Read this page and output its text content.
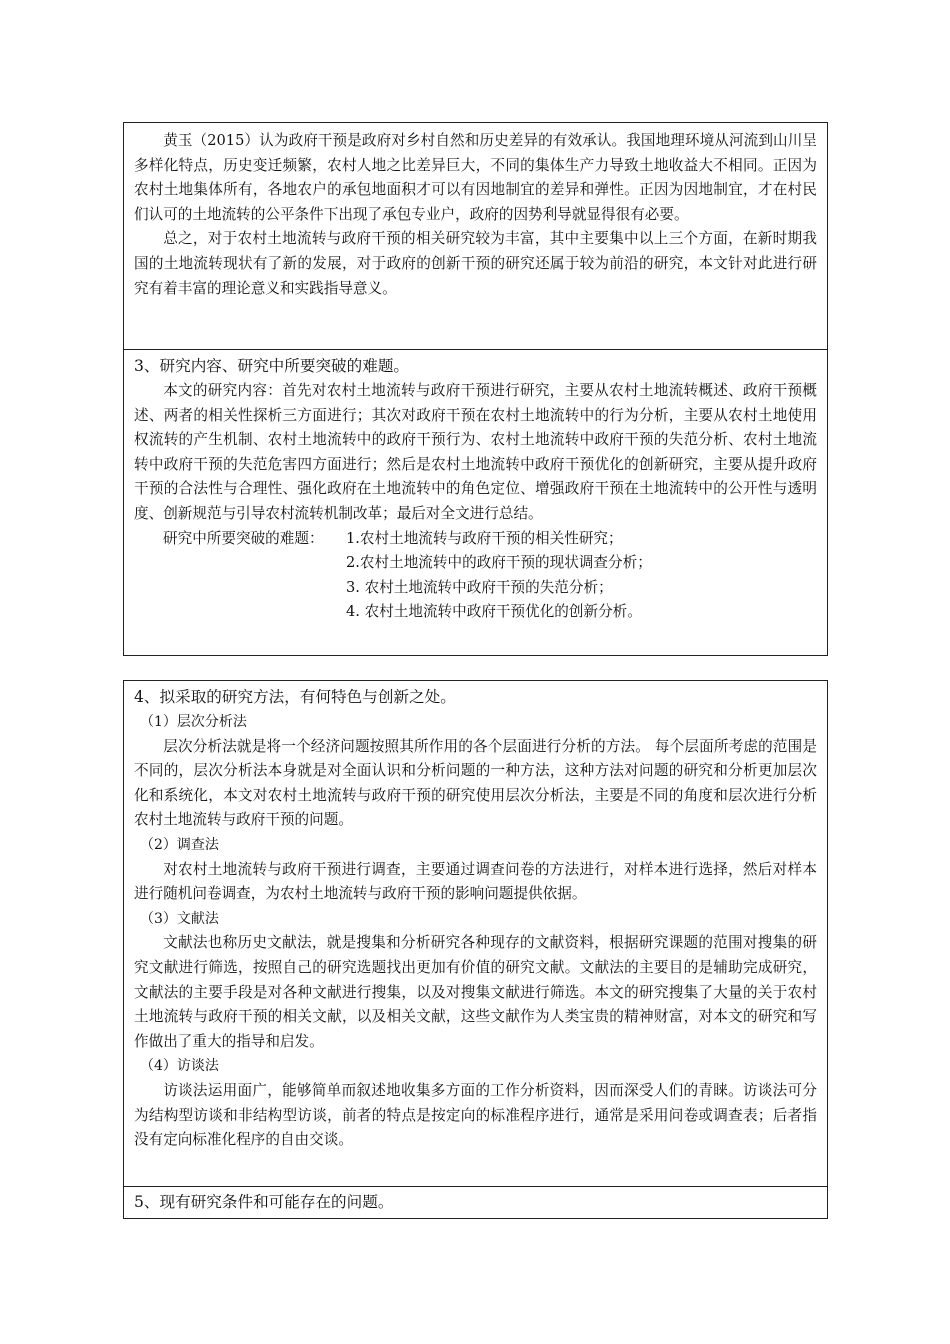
黄玉（2015）认为政府干预是政府对乡村自然和历史差异的有效承认。我国地理环境从河流到山川呈多样化特点，历史变迁频繁，农村人地之比差异巨大，不同的集体生产力导致土地收益大不相同。正因为农村土地集体所有，各地农户的承包地面积才可以有因地制宜的差异和弹性。正因为因地制宜，才在村民们认可的土地流转的公平条件下出现了承包专业户，政府的因势利导就显得很有必要。

总之，对于农村土地流转与政府干预的相关研究较为丰富，其中主要集中以上三个方面，在新时期我国的土地流转现状有了新的发展，对于政府的创新干预的研究还属于较为前沿的研究，本文针对此进行研究有着丰富的理论意义和实践指导意义。

3、研究内容、研究中所要突破的难题。

本文的研究内容：首先对农村土地流转与政府干预进行研究，主要从农村土地流转概述、政府干预概述、两者的相关性探析三方面进行；其次对政府干预在农村土地流转中的行为分析，主要从农村土地使用权流转的产生机制、农村土地流转中的政府干预行为、农村土地流转中政府干预的失范分析、农村土地流转中政府干预的失范危害四方面进行；然后是农村土地流转中政府干预优化的创新研究，主要从提升政府干预的合法性与合理性、强化政府在土地流转中的角色定位、增强政府干预在土地流转中的公开性与透明度、创新规范与引导农村流转机制改革；最后对全文进行总结。

研究中所要突破的难题：	1.农村土地流转与政府干预的相关性研究；
2.农村土地流转中的政府干预的现状调查分析；
3. 农村土地流转中政府干预的失范分析；
4. 农村土地流转中政府干预优化的创新分析。
4、拟采取的研究方法，有何特色与创新之处。
（1）层次分析法

层次分析法就是将一个经济问题按照其所作用的各个层面进行分析的方法。 每个层面所考虑的范围是不同的，层次分析法本身就是对全面认识和分析问题的一种方法，这种方法对问题的研究和分析更加层次化和系统化，本文对农村土地流转与政府干预的研究使用层次分析法，主要是不同的角度和层次进行分析农村土地流转与政府干预的问题。

（2）调查法

对农村土地流转与政府干预进行调查，主要通过调查问卷的方法进行，对样本进行选择，然后对样本进行随机问卷调查，为农村土地流转与政府干预的影响问题提供依据。

（3）文献法

文献法也称历史文献法，就是搜集和分析研究各种现存的文献资料，根据研究课题的范围对搜集的研究文献进行筛选，按照自己的研究选题找出更加有价值的研究文献。文献法的主要目的是辅助完成研究，文献法的主要手段是对各种文献进行搜集，以及对搜集文献进行筛选。本文的研究搜集了大量的关于农村土地流转与政府干预的相关文献，以及相关文献，这些文献作为人类宝贵的精神财富，对本文的研究和写作做出了重大的指导和启发。

（4）访谈法

访谈法运用面广，能够简单而叙述地收集多方面的工作分析资料，因而深受人们的青睐。访谈法可分为结构型访谈和非结构型访谈，前者的特点是按定向的标准程序进行，通常是采用问卷或调查表；后者指没有定向标准化程序的自由交谈。

5、现有研究条件和可能存在的问题。
